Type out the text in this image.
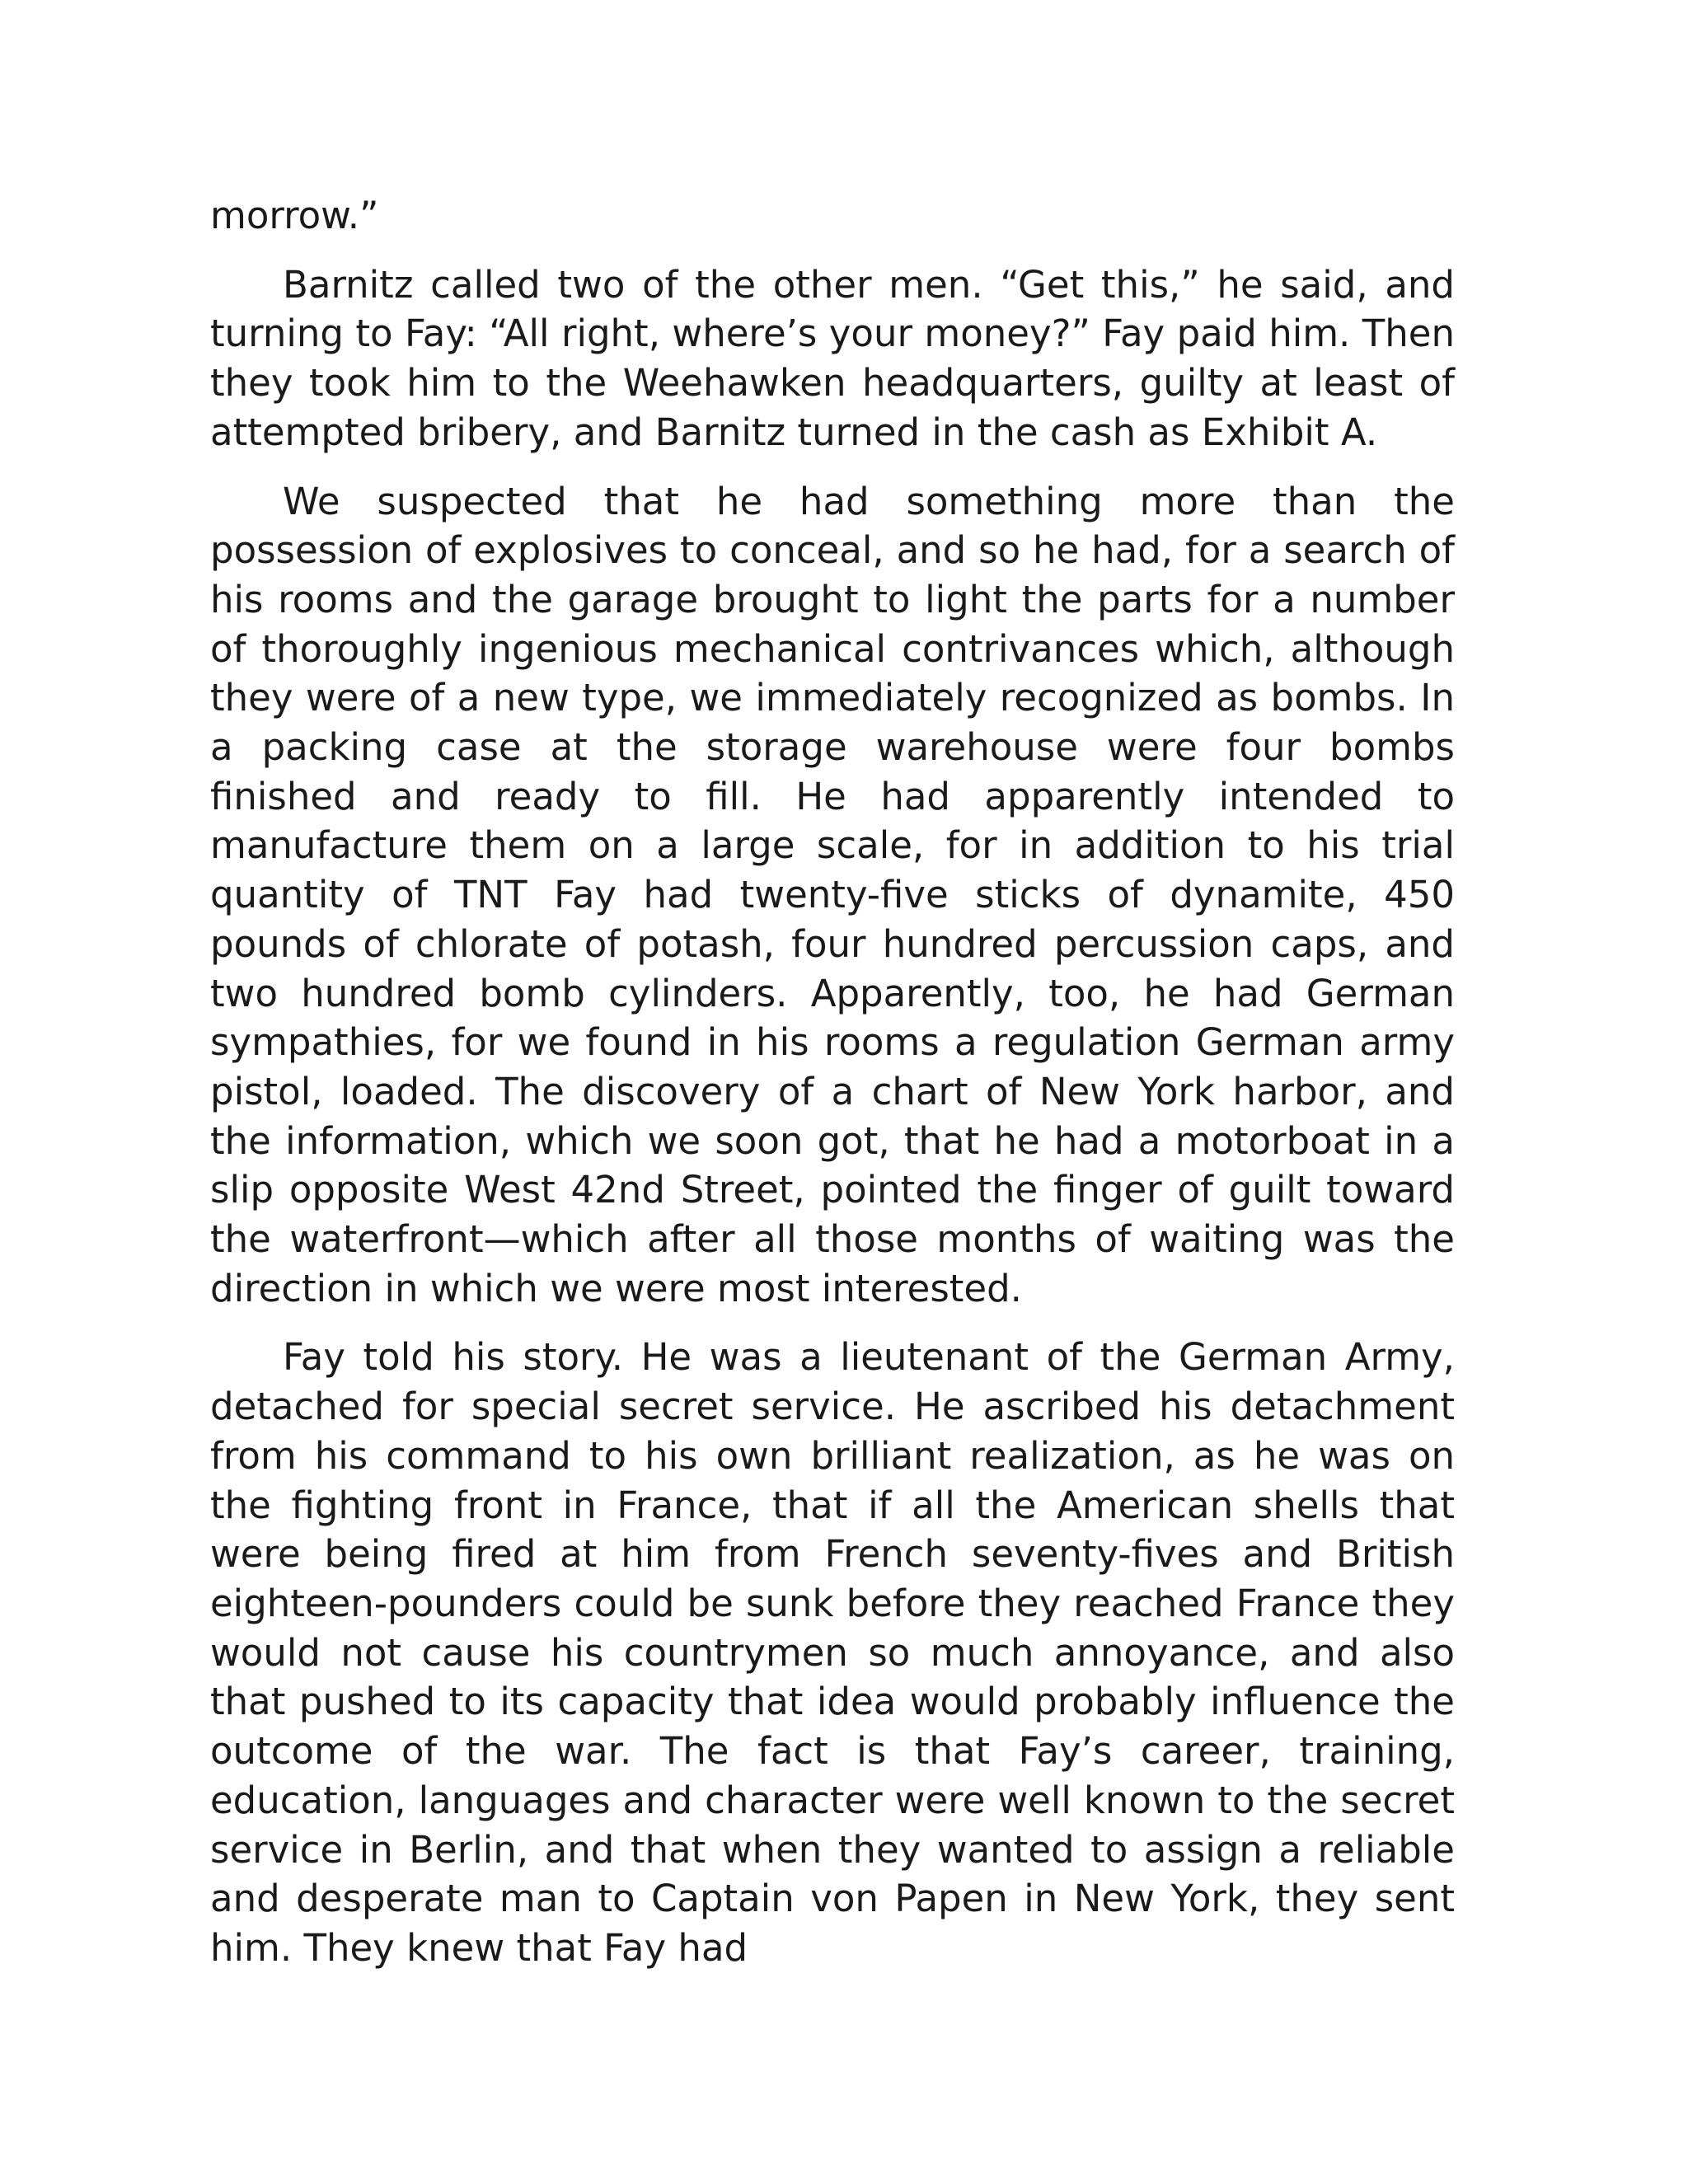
morrow.”

Barnitz called two of the other men. “Get this,” he said, and turning to Fay: “All right, where’s your money?” Fay paid him. Then they took him to the Weehawken headquarters, guilty at least of attempted bribery, and Barnitz turned in the cash as Exhibit A.

We suspected that he had something more than the possession of explosives to conceal, and so he had, for a search of his rooms and the garage brought to light the parts for a number of thoroughly ingenious mechanical contrivances which, although they were of a new type, we immediately recognized as bombs. In a packing case at the storage warehouse were four bombs finished and ready to fill. He had apparently intended to manufacture them on a large scale, for in addition to his trial quantity of TNT Fay had twenty-five sticks of dynamite, 450 pounds of chlorate of potash, four hundred percussion caps, and two hundred bomb cylinders. Apparently, too, he had German sympathies, for we found in his rooms a regulation German army pistol, loaded. The discovery of a chart of New York harbor, and the information, which we soon got, that he had a motorboat in a slip opposite West 42nd Street, pointed the finger of guilt toward the waterfront—which after all those months of waiting was the direction in which we were most interested.

Fay told his story. He was a lieutenant of the German Army, detached for special secret service. He ascribed his detachment from his command to his own brilliant realization, as he was on the fighting front in France, that if all the American shells that were being fired at him from French seventy-fives and British eighteen-pounders could be sunk before they reached France they would not cause his countrymen so much annoyance, and also that pushed to its capacity that idea would probably influence the outcome of the war. The fact is that Fay’s career, training, education, languages and character were well known to the secret service in Berlin, and that when they wanted to assign a reliable and desperate man to Captain von Papen in New York, they sent him. They knew that Fay had
